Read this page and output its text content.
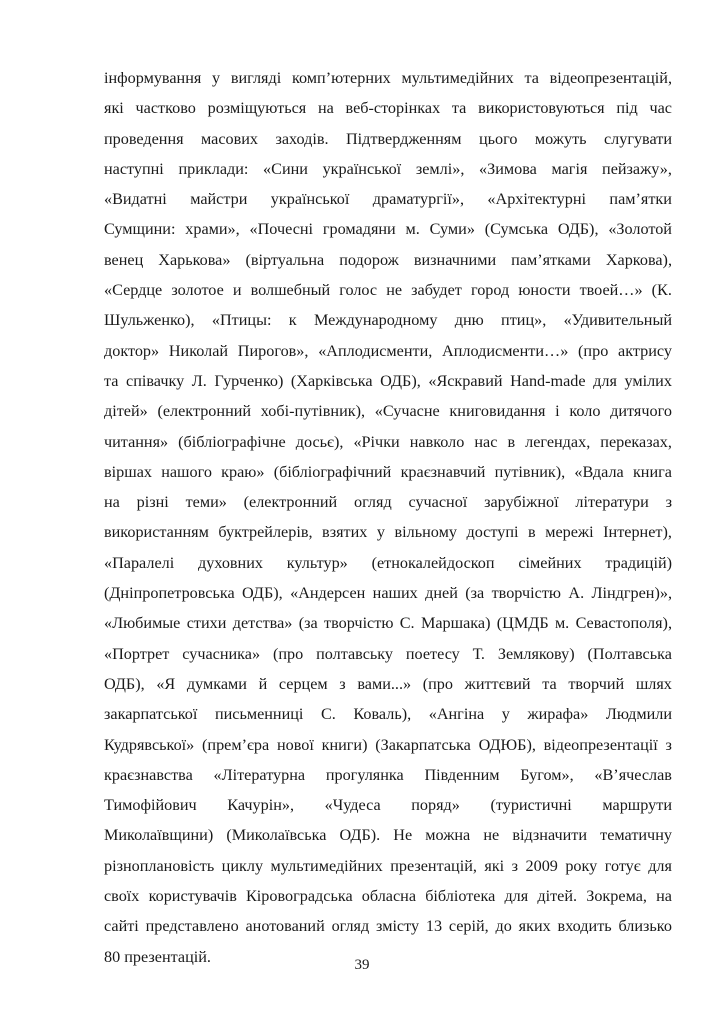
інформування у вигляді комп’ютерних мультимедійних та відеопрезентацій,
які частково розміщуються на веб-сторінках та використовуються під час
проведення масових заходів. Підтвердженням цього можуть слугувати
наступні приклади: «Сини української землі», «Зимова магія пейзажу»,
«Видатні майстри української драматургії», «Архітектурні пам’ятки
Сумщини: храми», «Почесні громадяни м. Суми» (Сумська ОДБ), «Золотой
венец Харькова» (віртуальна подорож визначними пам’ятками Харкова),
«Сердце золотое и волшебный голос не забудет город юности твоей…» (К.
Шульженко), «Птицы: к Международному дню птиц», «Удивительный
доктор» Николай Пирогов», «Аплодисменти, Аплодисменти…» (про актрису
та співачку Л. Гурченко) (Харківська ОДБ), «Яскравий Hand-made для умілих
дітей» (електронний хобі-путівник), «Сучасне книговидання і коло дитячого
читання» (бібліографічне досьє), «Річки навколо нас в легендах, переказах,
віршах нашого краю» (бібліографічний краєзнавчий путівник), «Вдала книга
на різні теми» (електронний огляд сучасної зарубіжної літератури з
використанням буктрейлерів, взятих у вільному доступі в мережі Інтернет),
«Паралелі духовних культур» (етнокалейдоскоп сімейних традицій)
(Дніпропетровська ОДБ), «Андерсен наших дней (за творчістю А. Ліндгрен)»,
«Любимые стихи детства» (за творчістю С. Маршака) (ЦМДБ м. Севастополя),
«Портрет сучасника» (про полтавську поетесу Т. Землякову) (Полтавська
ОДБ), «Я думками й серцем з вами...» (про життєвий та творчий шлях
закарпатської письменниці С. Коваль), «Ангіна у жирафа» Людмили
Кудрявської» (прем’єра нової книги) (Закарпатська ОДЮБ), відеопрезентації з
краєзнавства «Літературна прогулянка Південним Бугом», «В’ячеслав
Тимофійович Качурін», «Чудеса поряд» (туристичні маршрути
Миколаївщини) (Миколаївська ОДБ). Не можна не відзначити тематичну
різноплановість циклу мультимедійних презентацій, які з 2009 року готує для
своїх користувачів Кіровоградська обласна бібліотека для дітей. Зокрема, на
сайті представлено анотований огляд змісту 13 серій, до яких входить близько
80 презентацій.	39
